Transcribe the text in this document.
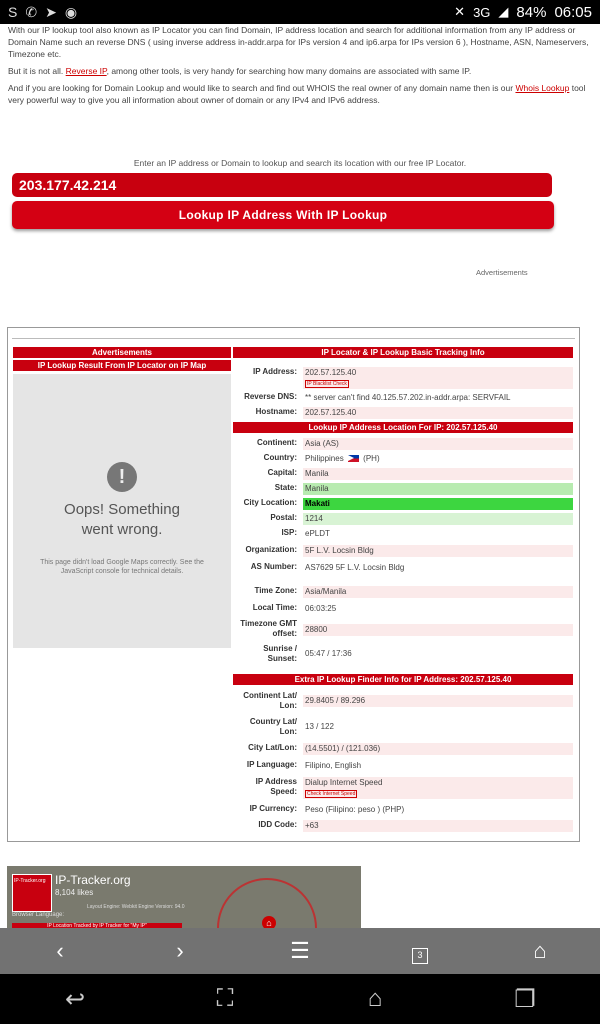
S ✆ ➤ ◉	✕ 3G ◢ 84% 06:05

With our IP lookup tool also known as IP Locator you can find Domain, IP address location and search for additional information from any IP address or Domain Name such an reverse DNS ( using inverse address in-addr.arpa for IPs version 4 and ip6.arpa for IPs version 6 ), Hostname, ASN, Nameservers, Timezone etc.

But it is not all. Reverse IP, among other tools, is very handy for searching how many domains are associated with same IP.

And if you are looking for Domain Lookup and would like to search and find out WHOIS the real owner of any domain name then is our Whois Lookup tool very powerful way to give you all information about owner of domain or any IPv4 and IPv6 address.

Enter an IP address or Domain to lookup and search its location with our free IP Locator.
203.177.42.214
Lookup IP Address With IP Lookup
Advertisements
Advertisements
IP Lookup Result From IP Locator on IP Map
!
Oops! Something
went wrong.
This page didn't load Google Maps correctly. See the JavaScript console for technical details.
IP Locator & IP Lookup Basic Tracking Info
IP Address:	202.57.125.40
IP Blacklist Check
Reverse DNS:	** server can't find 40.125.57.202.in-addr.arpa: SERVFAIL
Hostname:	202.57.125.40
Lookup IP Address Location For IP: 202.57.125.40
Continent:	Asia (AS)
Country:	Philippines (PH)
Capital:	Manila
State:	Manila
City Location:	Makati
Postal:	1214
ISP:	ePLDT
Organization:	5F L.V. Locsin Bldg
AS Number:	AS7629 5F L.V. Locsin Bldg
Time Zone:	Asia/Manila
Local Time:	06:03:25
Timezone GMT offset:	28800
Sunrise / Sunset:
05:47 / 17:36
Extra IP Lookup Finder Info for IP Address: 202.57.125.40
Continent Lat/ Lon:
29.8405 / 89.296
Country Lat/ Lon:
13 / 122
City Lat/Lon:	(14.5501) / (121.036)
IP Language:	Filipino, English
IP Address Speed:
Dialup Internet Speed
Check Internet Speed
IP Currency:	Peso (Filipino: peso ) (PHP)
IDD Code:	+63
⌂
IP-Tracker.org IP-Tracker.org
8,104 likes
Layout Engine: Webkit Engine Version: 94.0
Browser Language:
IP Location Tracked by IP Tracker for "My IP"
‹	›	☰	3	⌂
↩	⛶	⌂	❐
